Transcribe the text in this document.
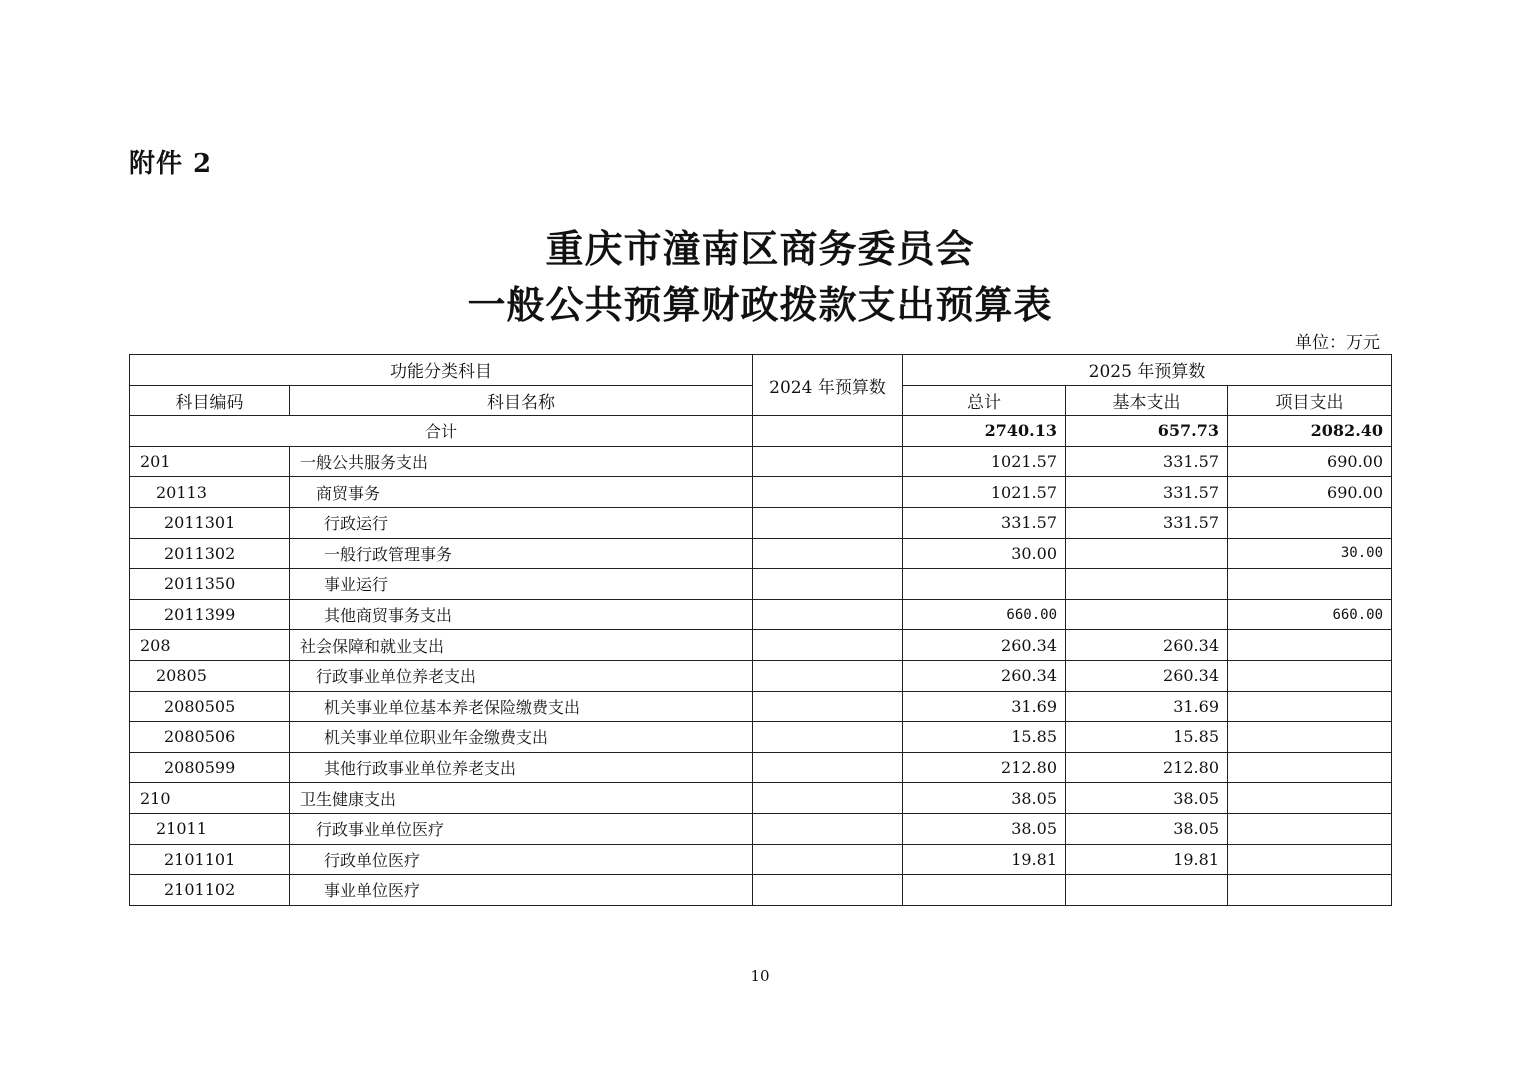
附件 2
重庆市潼南区商务委员会
一般公共预算财政拨款支出预算表
单位：万元
功能分类科目		2024 年预算数	2025 年预算数		
科目编码	科目名称		总计	基本支出	项目支出
合计			2740.13	657.73	2082.40
201	一般公共服务支出		1021.57	331.57	690.00
20113	商贸事务		1021.57	331.57	690.00
2011301	行政运行		331.57	331.57	
2011302	一般行政管理事务		30.00		30.00
2011350	事业运行				
2011399	其他商贸事务支出		660.00		660.00
208	社会保障和就业支出		260.34	260.34	
20805	行政事业单位养老支出		260.34	260.34	
2080505	机关事业单位基本养老保险缴费支出		31.69	31.69	
2080506	机关事业单位职业年金缴费支出		15.85	15.85	
2080599	其他行政事业单位养老支出		212.80	212.80	
210	卫生健康支出		38.05	38.05	
21011	行政事业单位医疗		38.05	38.05	
2101101	行政单位医疗		19.81	19.81	
2101102	事业单位医疗				
10
